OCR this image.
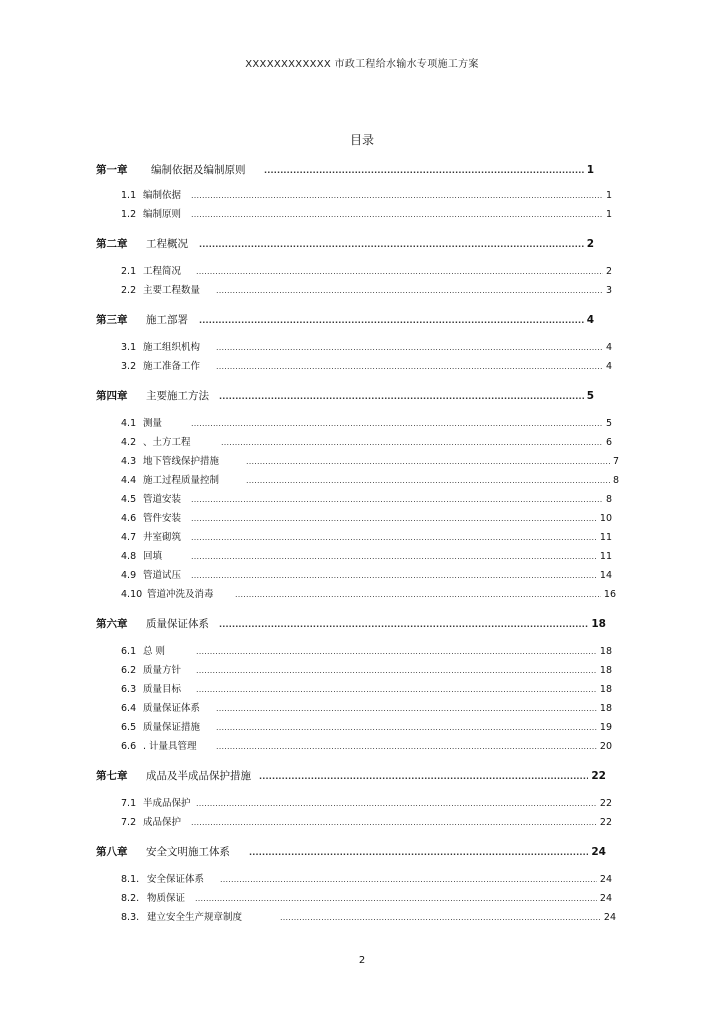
XXXXXXXXXXXX 市政工程给水输水专项施工方案
目录
第一章	编制依据及编制原则 .....	1
1.1 编制依据 .....	1
1.2 编制原则 .....	1
第二章	工程概况 .....	2
2.1 工程简况 .....	2
2.2 主要工程数量 .....	3
第三章	施工部署 .....	4
3.1 施工组织机构 .....	4
3.2 施工准备工作 .....	4
第四章	主要施工方法 .....	5
4.1 测量 .....	5
4.2 、土方工程 .....	6
4.3 地下管线保护措施 .....	7
4.4 施工过程质量控制 .....	8
4.5 管道安装 .....	8
4.6 管件安装 .....	10
4.7 井室砌筑 .....	11
4.8 回填 .....	11
4.9 管道试压 .....	14
4.10 管道冲洗及消毒 .....	16
第六章	质量保证体系 .....	18
6.1 总 则 .....	18
6.2 质量方针 .....	18
6.3 质量目标 .....	18
6.4 质量保证体系 .....	18
6.5 质量保证措施 .....	19
6.6 . 计量具管理 .....	20
第七章	成品及半成品保护措施 .....	22
7.1 半成品保护 .....	22
7.2 成品保护 .....	22
第八章	安全文明施工体系 .....	24
8.1. 安全保证体系 .....	24
8.2. 物质保证 .....	24
8.3. 建立安全生产规章制度 .....	24
2
